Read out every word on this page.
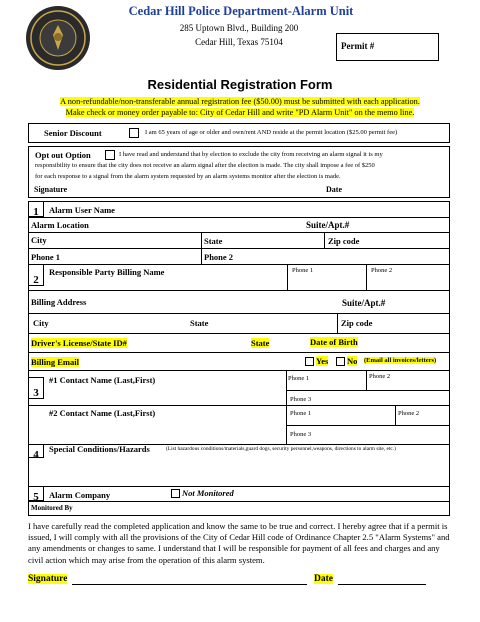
Cedar Hill Police Department-Alarm Unit
285 Uptown Blvd., Building 200
Cedar Hill, Texas 75104	Permit #
Residential Registration Form
A non-refundable/non-transferable annual registration fee ($50.00) must be submitted with each application.
Make check or money order payable to: City of Cedar Hill and write "PD Alarm Unit" on the memo line.
Senior Discount	I am 65 years of age or older and own/rent AND reside at the permit location ($25.00 permit fee)
Opt out Option	I have read and understand that by election to exclude the city from receiving an alarm signal it is my
responsibility to ensure that the city does not receive an alarm signal after the election is made. The city shall impose a fee of $250
for each response to a signal from the alarm system requested by an alarm systems monitor after the election is made.
Signature	Date
1	Alarm User Name
Alarm Location	Suite/Apt.#
City	State	Zip code
Phone 1	Phone 2
2
Responsible Party Billing Name	Phone 1	Phone 2
Billing Address	Suite/Apt.#
City	State	Zip code
Driver's License/State ID#	State	Date of Birth
Billing Email	Yes No (Email all invoices/letters)
3
#1 Contact Name (Last,First)	Phone 1	Phone 2
Phone 3
#2 Contact Name (Last,First)	Phone 1	Phone 2
Phone 3
4	Special Conditions/Hazards	(List hazardous conditions/materials,guard dogs, security personnel,weapons, directions to alarm site, etc.)
5	Alarm Company	Not Monitored
Monitored By
I have carefully read the completed application and know the same to be true and correct. I hereby agree that if a permit is issued, I will comply with all the provisions of the City of Cedar Hill code of Ordinance Chapter 2.5 "Alarm Systems" and any amendments or changes to same. I understand that I will be responsible for payment of all fees and charges and any civil action which may arise from the operation of this alarm system.
Signature	Date
